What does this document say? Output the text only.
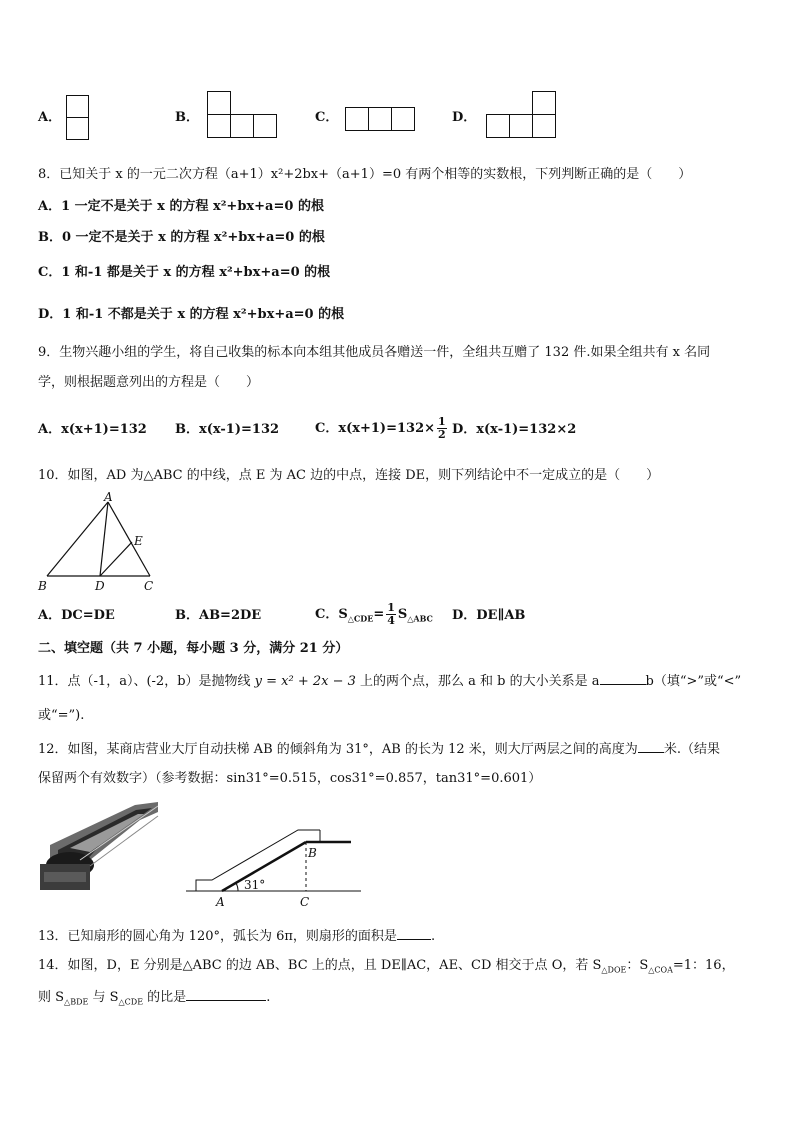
A．	B．	C．	D．
8．已知关于 x 的一元二次方程（a+1）x²+2bx+（a+1）=0 有两个相等的实数根，下列判断正确的是（　　）
A．1 一定不是关于 x 的方程 x²+bx+a=0 的根
B．0 一定不是关于 x 的方程 x²+bx+a=0 的根
C．1 和-1 都是关于 x 的方程 x²+bx+a=0 的根
D．1 和-1 不都是关于 x 的方程 x²+bx+a=0 的根
9．生物兴趣小组的学生，将自己收集的标本向本组其他成员各赠送一件，全组共互赠了 132 件.如果全组共有 x 名同
学，则根据题意列出的方程是（　　）
A．x(x+1)=132 B．x(x-1)=132	C．$x(x+1)=132\times \frac{1}{2}$ D．x(x-1)=132×2
10．如图，AD 为△ABC 的中线，点 E 为 AC 边的中点，连接 DE，则下列结论中不一定成立的是（　　）
A
E
B	D	C
A．DC=DE	B．AB=2DE	C．$S_{\triangle CDE}= \frac{1}{4} S_{\triangle ABC}$ D．DE∥AB
二、填空题（共 7 小题，每小题 3 分，满分 21 分）
11．点（-1，a）、(-2，b）是抛物线 y = x² + 2x − 3 上的两个点，那么 a 和 b 的大小关系是 a	b（填“>”或“<”
或“=”).
12．如图，某商店营业大厅自动扶梯 AB 的倾斜角为 31°，AB 的长为 12 米，则大厅两层之间的高度为 米.（结果
保留两个有效数字）（参考数据：sin31°=0.515，cos31°=0.857，tan31°=0.601）
31°
B
A	C
13．已知扇形的圆心角为 120°，弧长为 6π，则扇形的面积是	.
14．如图，D，E 分别是△ABC 的边 AB、BC 上的点，且 DE∥AC，AE、CD 相交于点 O，若 $S_{\triangle DOE}$：$S_{\triangle COA}=1$：16，
则 $S_{\triangle BDE}$ 与 $S_{\triangle CDE}$ 的比是	.
